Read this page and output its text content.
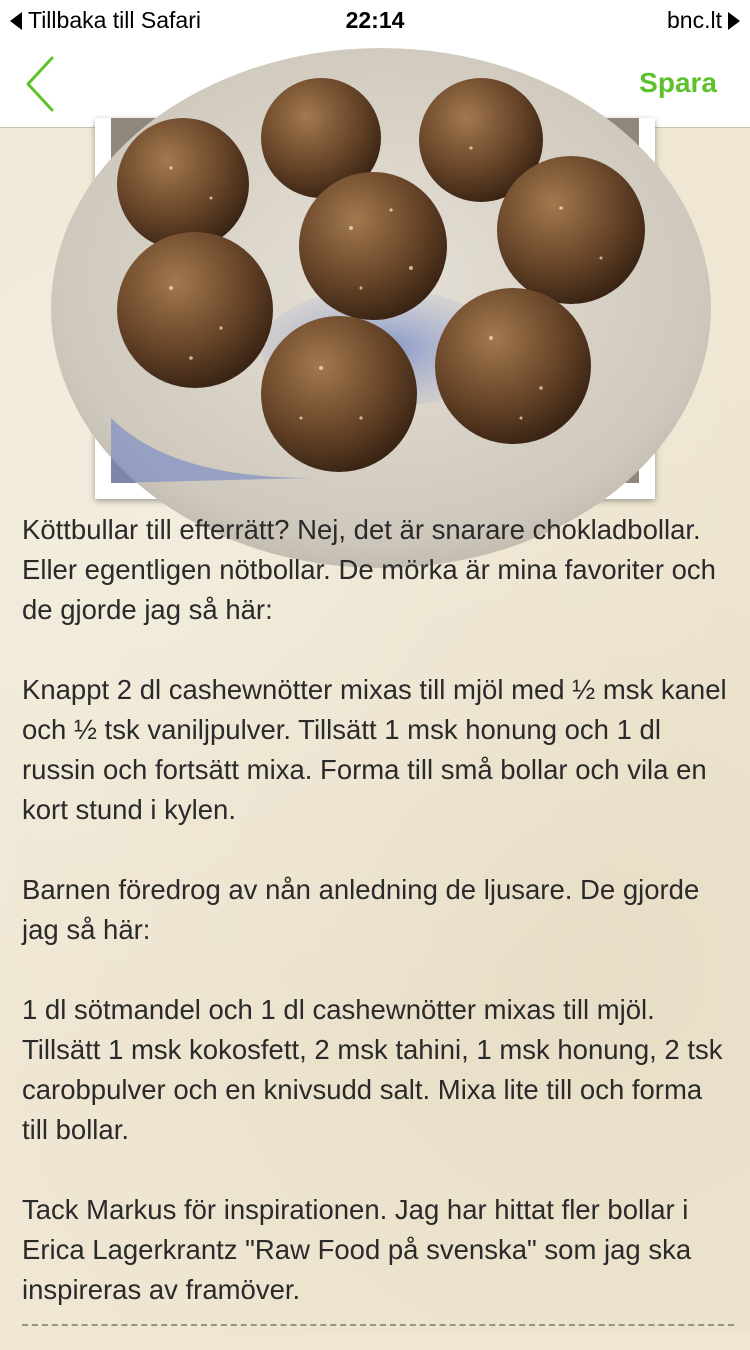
Tillbaka till Safari	22:14	bnc.lt
Spara

Köttbullar till efterrätt? Nej, det är snarare chokladbollar. Eller egentligen nötbollar. De mörka är mina favoriter och de gjorde jag så här:

Knappt 2 dl cashewnötter mixas till mjöl med ½ msk kanel och ½ tsk vaniljpulver. Tillsätt 1 msk honung och 1 dl russin och fortsätt mixa. Forma till små bollar och vila en kort stund i kylen.

Barnen föredrog av nån anledning de ljusare. De gjorde jag så här:

1 dl sötmandel och 1 dl cashewnötter mixas till mjöl. Tillsätt 1 msk kokosfett, 2 msk tahini, 1 msk honung, 2 tsk carobpulver och en knivsudd salt. Mixa lite till och forma till bollar.

Tack Markus för inspirationen. Jag har hittat fler bollar i Erica Lagerkrantz "Raw Food på svenska" som jag ska inspireras av framöver.
